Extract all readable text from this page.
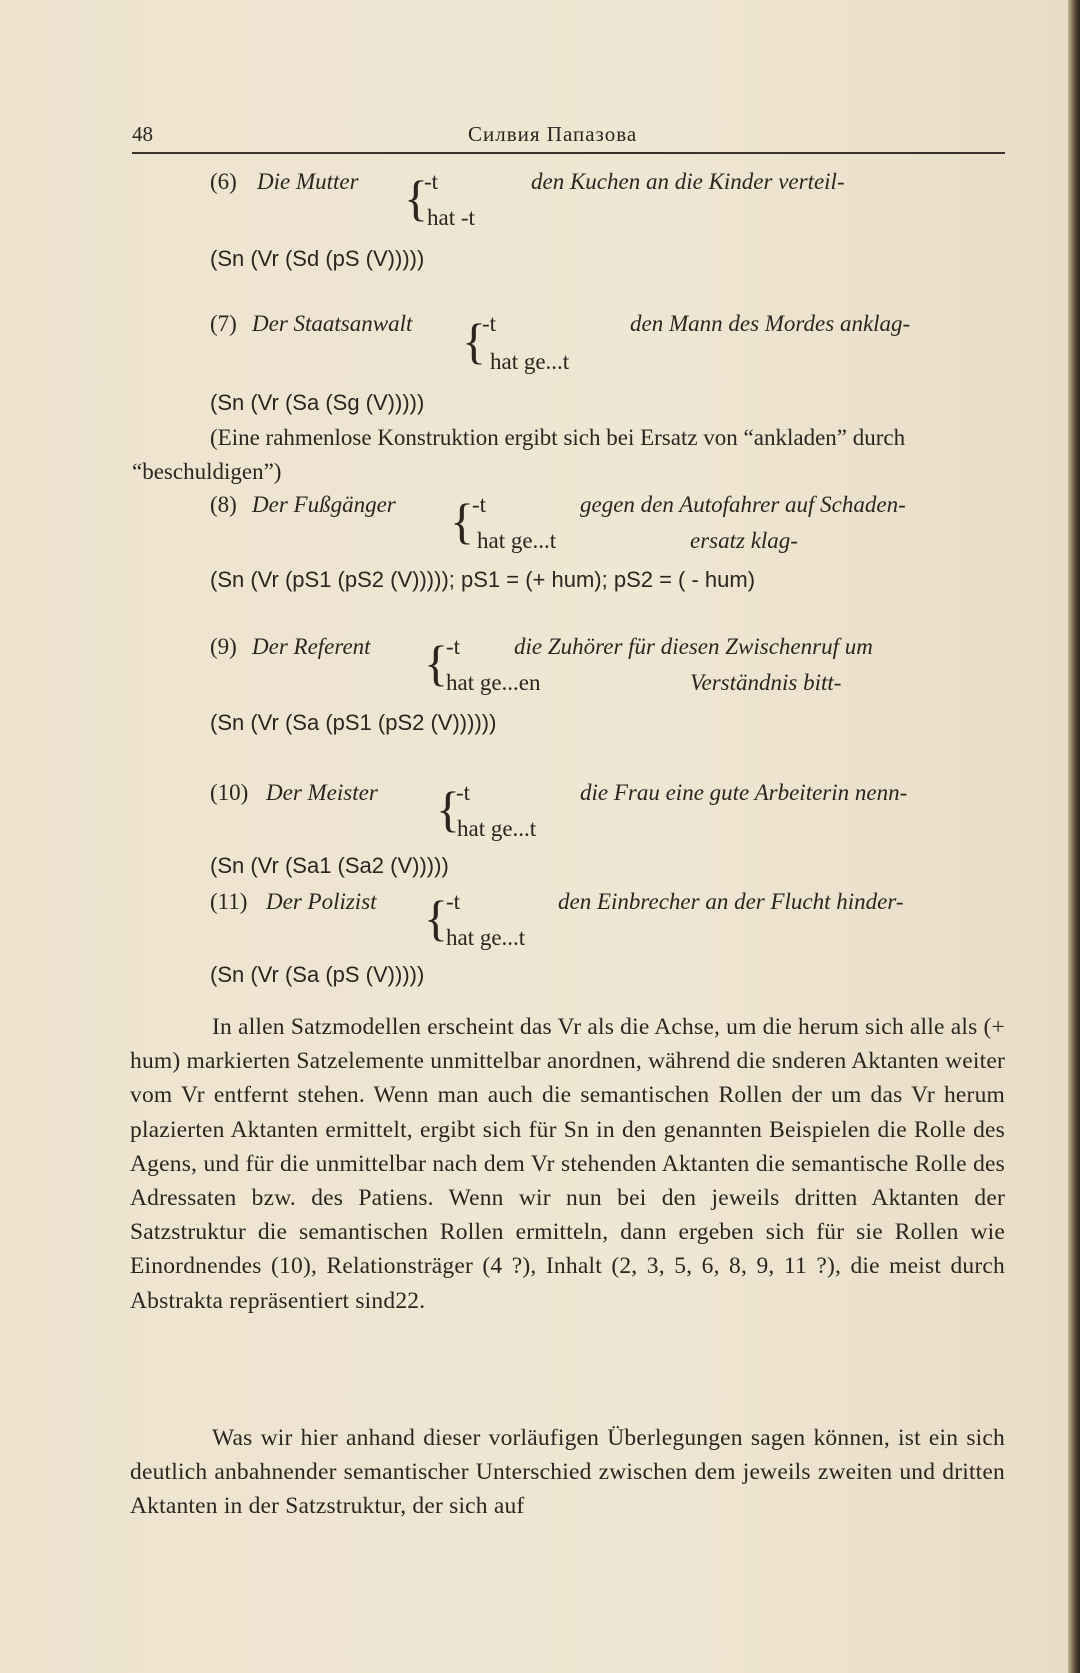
48	Силвия Папазова
(6) Die Mutter {
-t
hat -t
den Kuchen an die Kinder verteil-
(Sn (Vr (Sd (pS (V)))))
(7) Der Staatsanwalt {
-t
hat ge...t
den Mann des Mordes anklag-
(Sn (Vr (Sa (Sg (V)))))
(Eine rahmenlose Konstruktion ergibt sich bei Ersatz von “ankladen” durch “beschuldigen”)
(8) Der Fußgänger {
-t
hat ge...t
gegen den Autofahrer auf Schaden-
ersatz klag-
(Sn (Vr (pS1 (pS2 (V))))); pS1 = (+ hum); pS2 = ( - hum)
(9) Der Referent {
-t
hat ge...en
die Zuhörer für diesen Zwischenruf um
Verständnis bitt-
(Sn (Vr (Sa (pS1 (pS2 (V))))))
(10) Der Meister {
-t
hat ge...t
die Frau eine gute Arbeiterin nenn-
(Sn (Vr (Sa1 (Sa2 (V)))))
(11) Der Polizist {
-t
hat ge...t
den Einbrecher an der Flucht hinder-
(Sn (Vr (Sa (pS (V)))))

In allen Satzmodellen erscheint das Vr als die Achse, um die herum sich alle als (+ hum) markierten Satzelemente unmittelbar anordnen, während die snderen Aktanten weiter vom Vr entfernt stehen. Wenn man auch die semantischen Rollen der um das Vr herum plazierten Aktanten ermittelt, ergibt sich für Sn in den genannten Beispielen die Rolle des Agens, und für die unmittelbar nach dem Vr stehenden Aktanten die semantische Rolle des Adressaten bzw. des Patiens. Wenn wir nun bei den jeweils dritten Aktanten der Satzstruktur die semantischen Rollen ermitteln, dann ergeben sich für sie Rollen wie Einordnendes (10), Relationsträger (4 ?), Inhalt (2, 3, 5, 6, 8, 9, 11 ?), die meist durch Abstrakta repräsentiert sind22.

Was wir hier anhand dieser vorläufigen Überlegungen sagen können, ist ein sich deutlich anbahnender semantischer Unterschied zwischen dem jeweils zweiten und dritten Aktanten in der Satzstruktur, der sich auf
